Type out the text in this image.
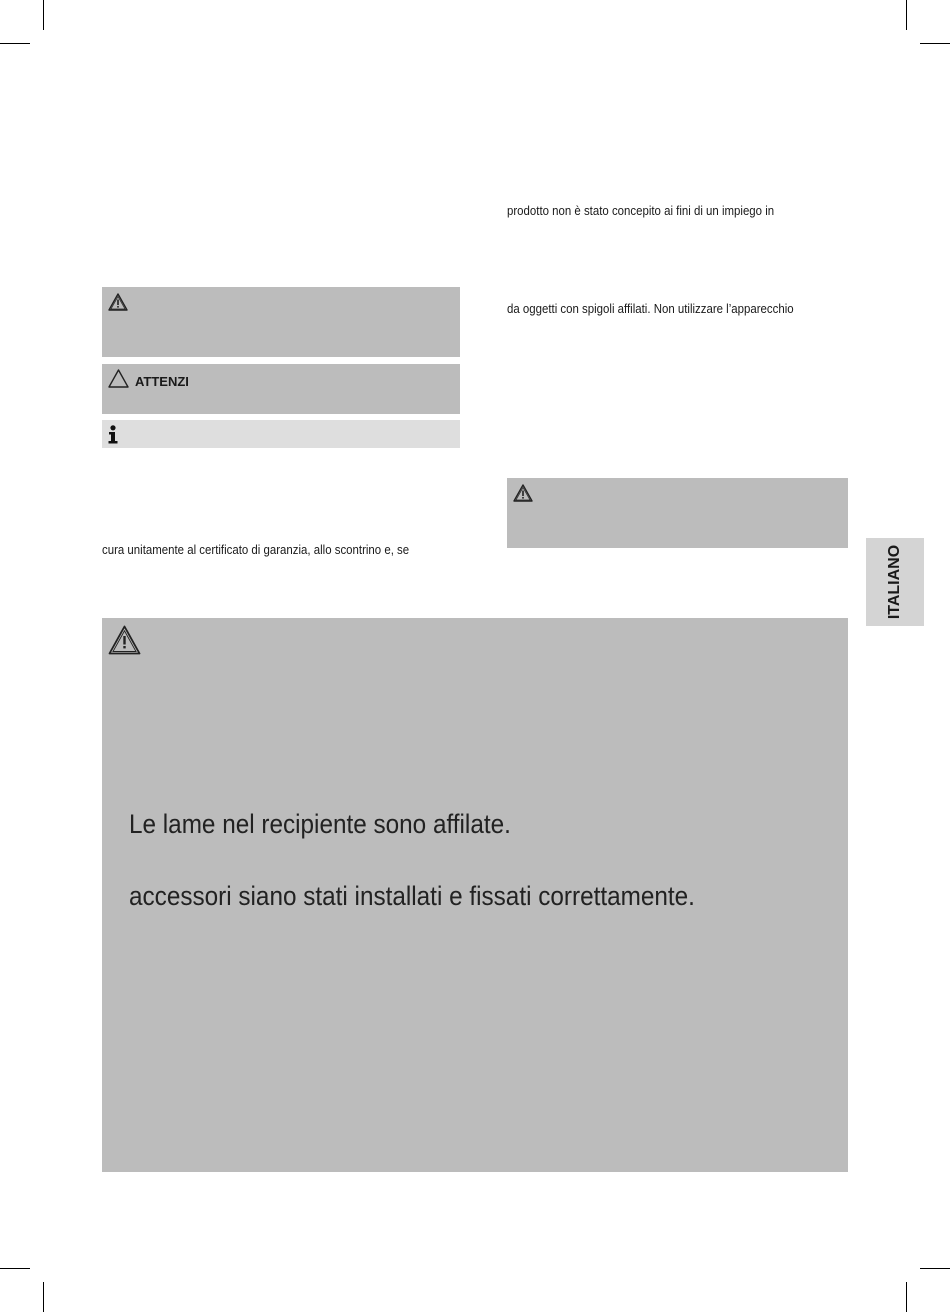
ATTENZI
cura unitamente al certificato di garanzia, allo scontrino e, se
prodotto non è stato concepito ai fini di un impiego in
da oggetti con spigoli affilati. Non utilizzare l’apparecchio
ITALIANO
Le lame nel recipiente sono affilate.
accessori siano stati installati e fissati correttamente.
